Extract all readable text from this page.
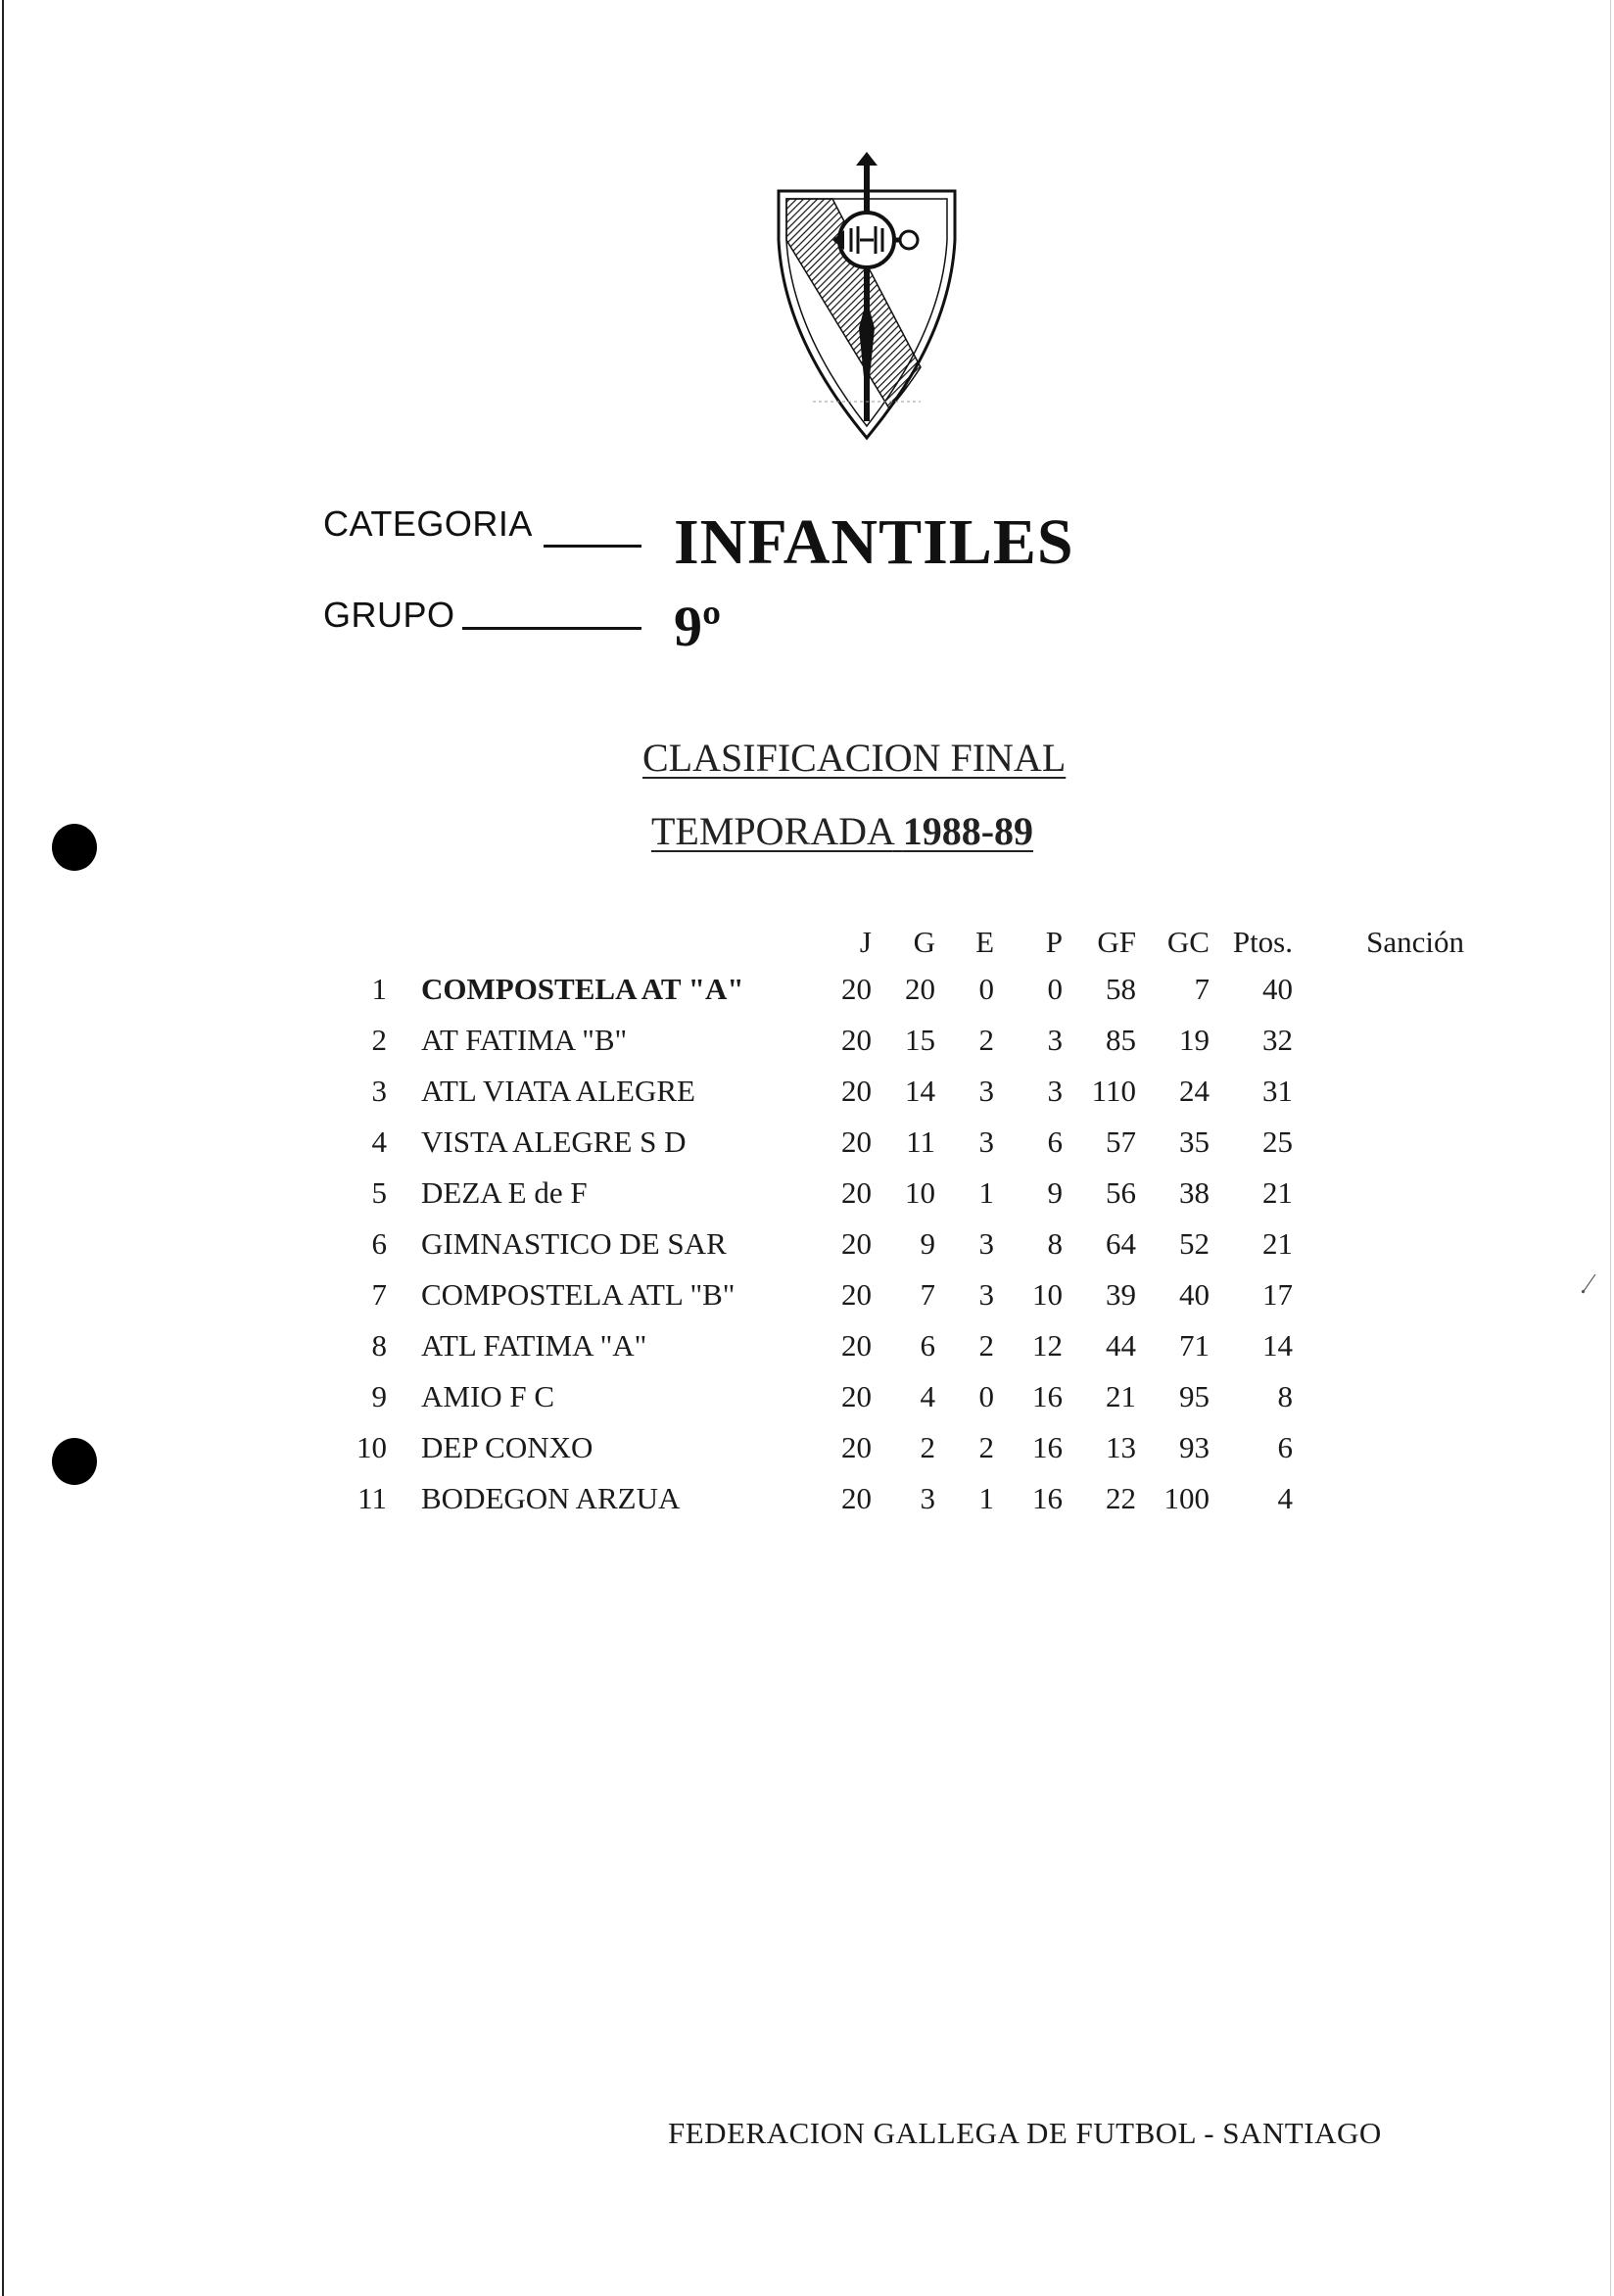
CATEGORIA INFANTILES
GRUPO	9º
CLASIFICACION FINAL
TEMPORADA 1988-89
		J	G	E	P	GF	GC	Ptos.	Sanción
1	COMPOSTELA AT "A"	20	20	0	0	58	7	40	
2	AT FATIMA "B"	20	15	2	3	85	19	32	
3	ATL VIATA ALEGRE	20	14	3	3	110	24	31	
4	VISTA ALEGRE S D	20	11	3	6	57	35	25	
5	DEZA E de F	20	10	1	9	56	38	21	
6	GIMNASTICO DE SAR	20	9	3	8	64	52	21	
7	COMPOSTELA ATL "B"	20	7	3	10	39	40	17	
8	ATL FATIMA "A"	20	6	2	12	44	71	14	
9	AMIO F C	20	4	0	16	21	95	8	
10	DEP CONXO	20	2	2	16	13	93	6	
11	BODEGON ARZUA	20	3	1	16	22	100	4	
.⁄
FEDERACION GALLEGA DE FUTBOL - SANTIAGO
